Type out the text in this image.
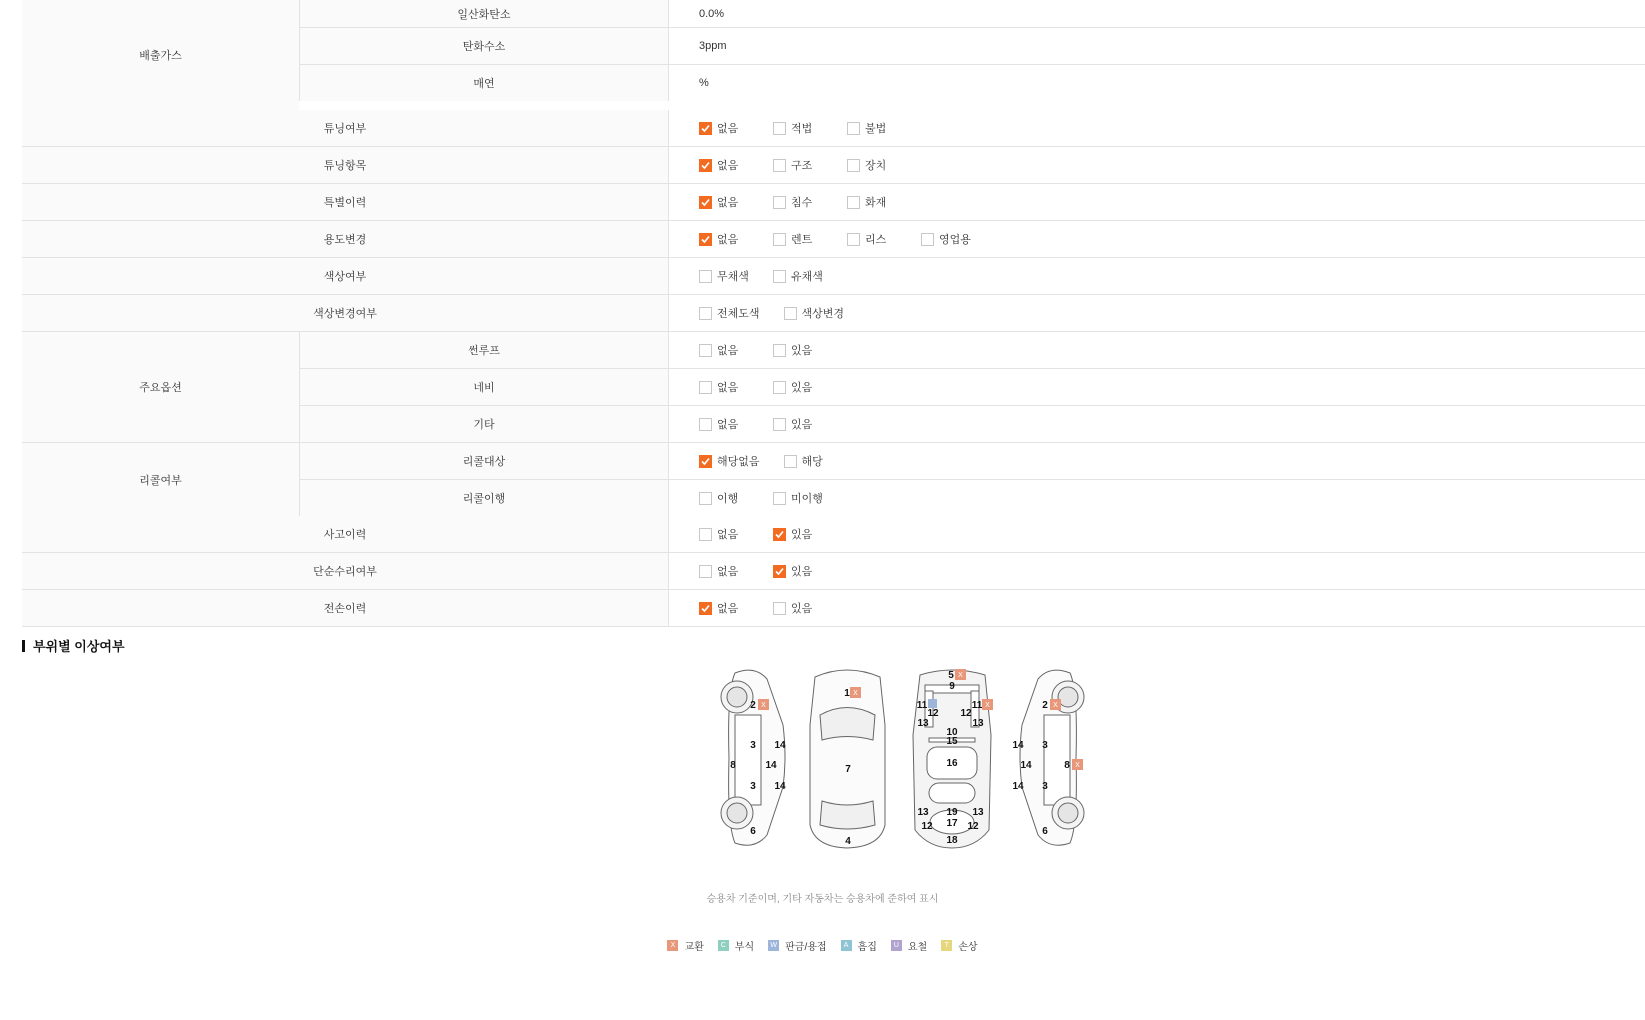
배출가스
일산화탄소	0.0%
탄화수소	3ppm
매연	%
튜닝여부	없음	적법	불법
튜닝항목	없음	구조	장치
특별이력	없음	침수	화재
용도변경	없음	렌트	리스	영업용
색상여부	무채색	유채색
색상변경여부	전체도색	색상변경
주요옵션
썬루프	없음	있음
네비	없음	있음
기타	없음	있음
리콜여부
리콜대상	해당없음	해당
리콜이행	이행	미이행
사고이력	없음	있음
단순수리여부	없음	있음
전손이력	없음	있음
부위별 이상여부
2
3 14
8	14
3 14
6
1
7
4
5
9
11
12
13
11
12
13
10
15
16
13 19 13
12 17 12
18
2
14 3
14	8
14 3
6
X
X
X
X	X
X
승용차 기준이며, 기타 자동차는 승용차에 준하여 표시
X 교환	C 부식	W 판금/용접	A 흠집	U 요철	T 손상
